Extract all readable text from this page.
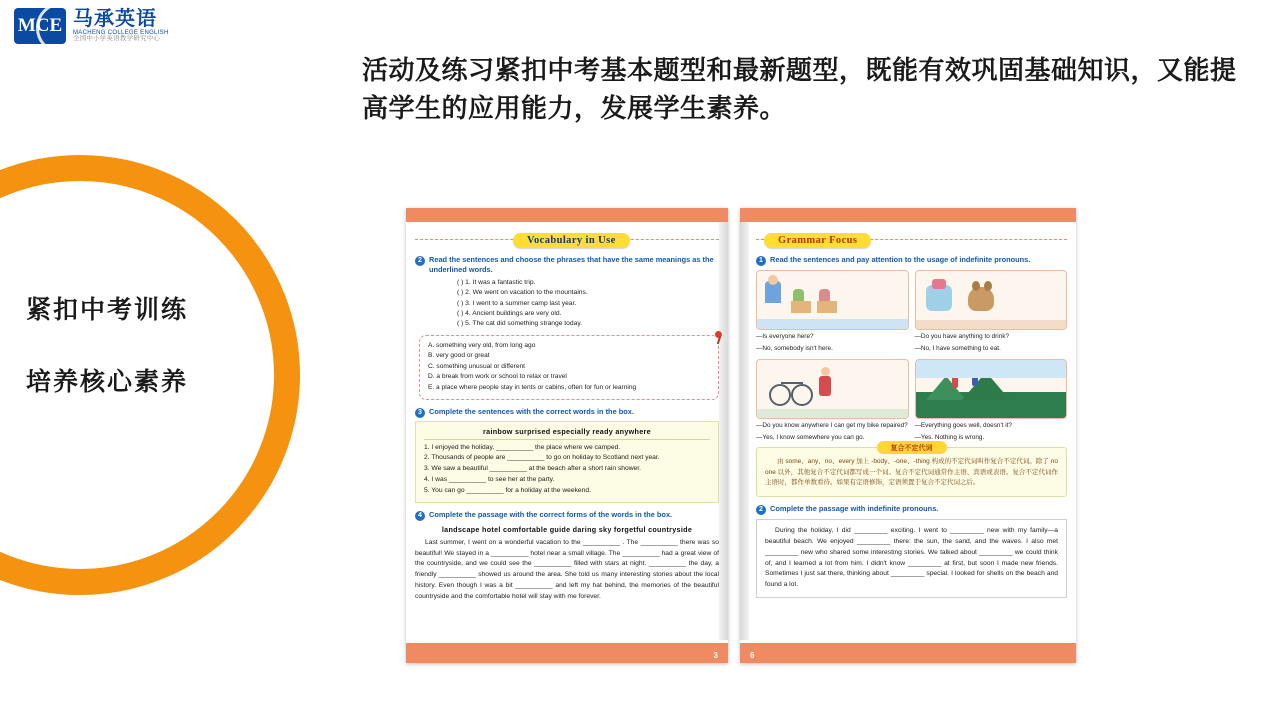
MCE 马承英语
MACHENG COLLEGE ENGLISH
全国中小学英语教学研究中心
活动及练习紧扣中考基本题型和最新题型，既能有效巩固基础知识，又能提高学生的应用能力，发展学生素养。
紧扣中考训练
培养核心素养
Vocabulary in Use
2 Read the sentences and choose the phrases that have the same meanings as the underlined words.
( ) 1. It was a fantastic trip.
( ) 2. We went on vacation to the mountains.
( ) 3. I went to a summer camp last year.
( ) 4. Ancient buildings are very old.
( ) 5. The cat did something strange today.
A. something very old, from long ago
B. very good or great
C. something unusual or different
D. a break from work or school to relax or travel
E. a place where people stay in tents or cabins, often for fun or learning
3 Complete the sentences with the correct words in the box.
rainbow surprised especially ready anywhere
1. I enjoyed the holiday, __________ the place where we camped.
2. Thousands of people are __________ to go on holiday to Scotland next year.
3. We saw a beautiful __________ at the beach after a short rain shower.
4. I was __________ to see her at the party.
5. You can go __________ for a holiday at the weekend.
4 Complete the passage with the correct forms of the words in the box.
landscape hotel comfortable guide daring sky forgetful countryside
Last summer, I went on a wonderful vacation to the __________ . The __________ there was so beautiful! We stayed in a __________ hotel near a small village. The __________ had a great view of the countryside, and we could see the __________ filled with stars at night. __________ the day, a friendly __________ showed us around the area. She told us many interesting stories about the local history. Even though I was a bit __________ and left my hat behind, the memories of the beautiful countryside and the comfortable hotel will stay with me forever.
3
Grammar Focus
1 Read the sentences and pay attention to the usage of indefinite pronouns.
—Is everyone here?
—No, somebody isn't here.
—Do you have anything to drink?
—No, I have something to eat.
—Do you know anywhere I can get my bike repaired?
—Yes, I know somewhere you can go.
—Everything goes well, doesn't it?
—Yes. Nothing is wrong.
复合不定代词
由 some、any、no、every 加上 -body、-one、-thing 构成的不定代词叫作复合不定代词。除了 no one 以外，其他复合不定代词都写成一个词。复合不定代词通常作主语、宾语或表语。复合不定代词作主语时，都作单数看待。如果有定语修饰，定语须置于复合不定代词之后。
2 Complete the passage with indefinite pronouns.
During the holiday, I did _________ exciting. I went to _________ new with my family—a beautiful beach. We enjoyed _________ there: the sun, the sand, and the waves. I also met _________ new who shared some interesting stories. We talked about _________ we could think of, and I learned a lot from him. I didn't know _________ at first, but soon I made new friends. Sometimes I just sat there, thinking about _________ special. I looked for shells on the beach and found a lot.
6
